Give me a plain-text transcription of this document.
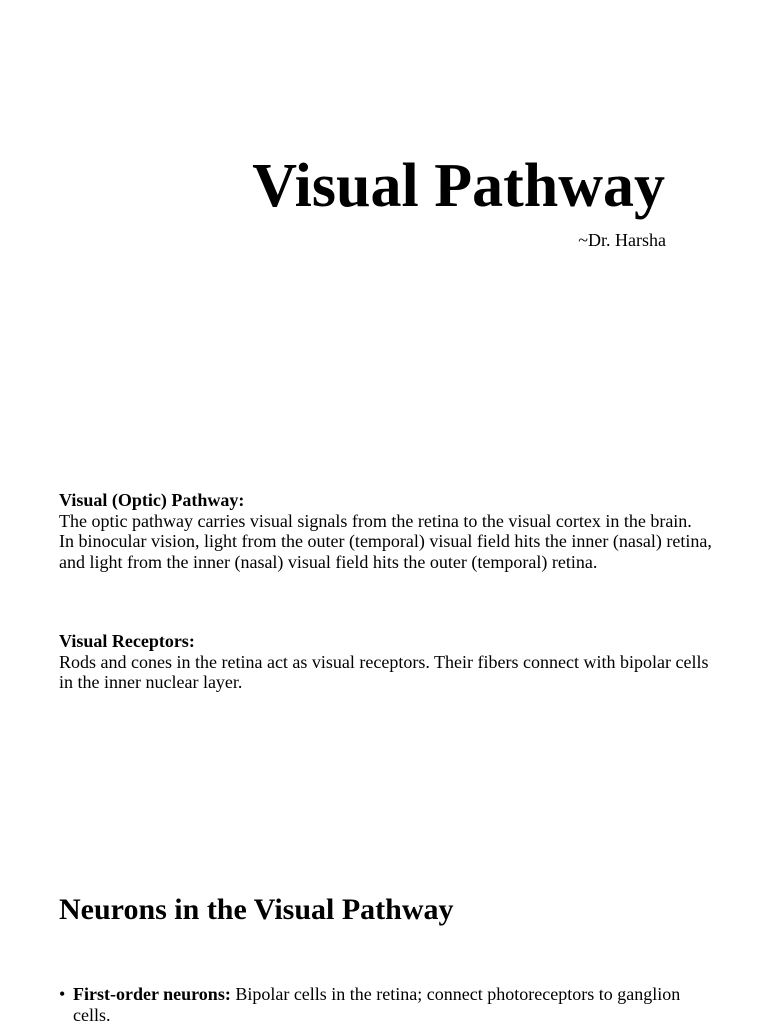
Visual Pathway
~Dr. Harsha

Visual (Optic) Pathway:

The optic pathway carries visual signals from the retina to the visual cortex in the brain.

In binocular vision, light from the outer (temporal) visual field hits the inner (nasal) retina, and light from the inner (nasal) visual field hits the outer (temporal) retina.

Visual Receptors:

Rods and cones in the retina act as visual receptors. Their fibers connect with bipolar cells in the inner nuclear layer.

Neurons in the Visual Pathway
• First-order neurons: Bipolar cells in the retina; connect photoreceptors to ganglion cells.
